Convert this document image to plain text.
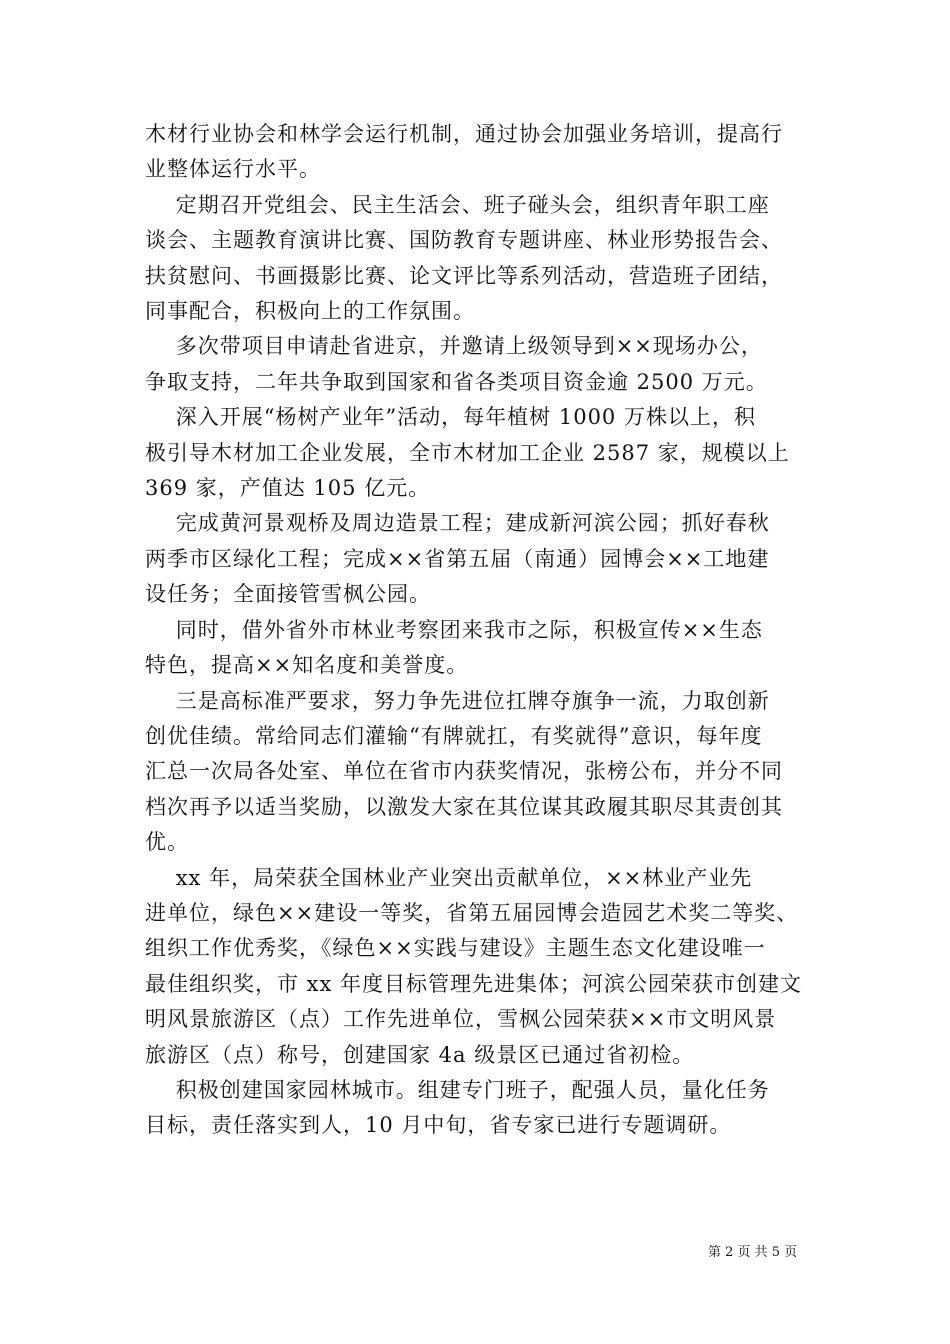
木材行业协会和林学会运行机制，通过协会加强业务培训，提高行
业整体运行水平。

定期召开党组会、民主生活会、班子碰头会，组织青年职工座
谈会、主题教育演讲比赛、国防教育专题讲座、林业形势报告会、
扶贫慰问、书画摄影比赛、论文评比等系列活动，营造班子团结，
同事配合，积极向上的工作氛围。

多次带项目申请赴省进京，并邀请上级领导到××现场办公，
争取支持，二年共争取到国家和省各类项目资金逾 2500 万元。

深入开展“杨树产业年”活动，每年植树 1000 万株以上，积
极引导木材加工企业发展，全市木材加工企业 2587 家，规模以上
369 家，产值达 105 亿元。

完成黄河景观桥及周边造景工程；建成新河滨公园；抓好春秋
两季市区绿化工程；完成××省第五届（南通）园博会××工地建
设任务；全面接管雪枫公园。

同时，借外省外市林业考察团来我市之际，积极宣传××生态
特色，提高××知名度和美誉度。

三是高标准严要求，努力争先进位扛牌夺旗争一流，力取创新
创优佳绩。常给同志们灌输“有牌就扛，有奖就得”意识，每年度
汇总一次局各处室、单位在省市内获奖情况，张榜公布，并分不同
档次再予以适当奖励，以激发大家在其位谋其政履其职尽其责创其
优。

xx 年，局荣获全国林业产业突出贡献单位，××林业产业先
进单位，绿色××建设一等奖，省第五届园博会造园艺术奖二等奖、
组织工作优秀奖，《绿色××实践与建设》主题生态文化建设唯一
最佳组织奖，市 xx 年度目标管理先进集体；河滨公园荣获市创建文
明风景旅游区（点）工作先进单位，雪枫公园荣获××市文明风景
旅游区（点）称号，创建国家 4a 级景区已通过省初检。

积极创建国家园林城市。组建专门班子，配强人员，量化任务
目标，责任落实到人，10 月中旬，省专家已进行专题调研。

第 2 页 共 5 页
